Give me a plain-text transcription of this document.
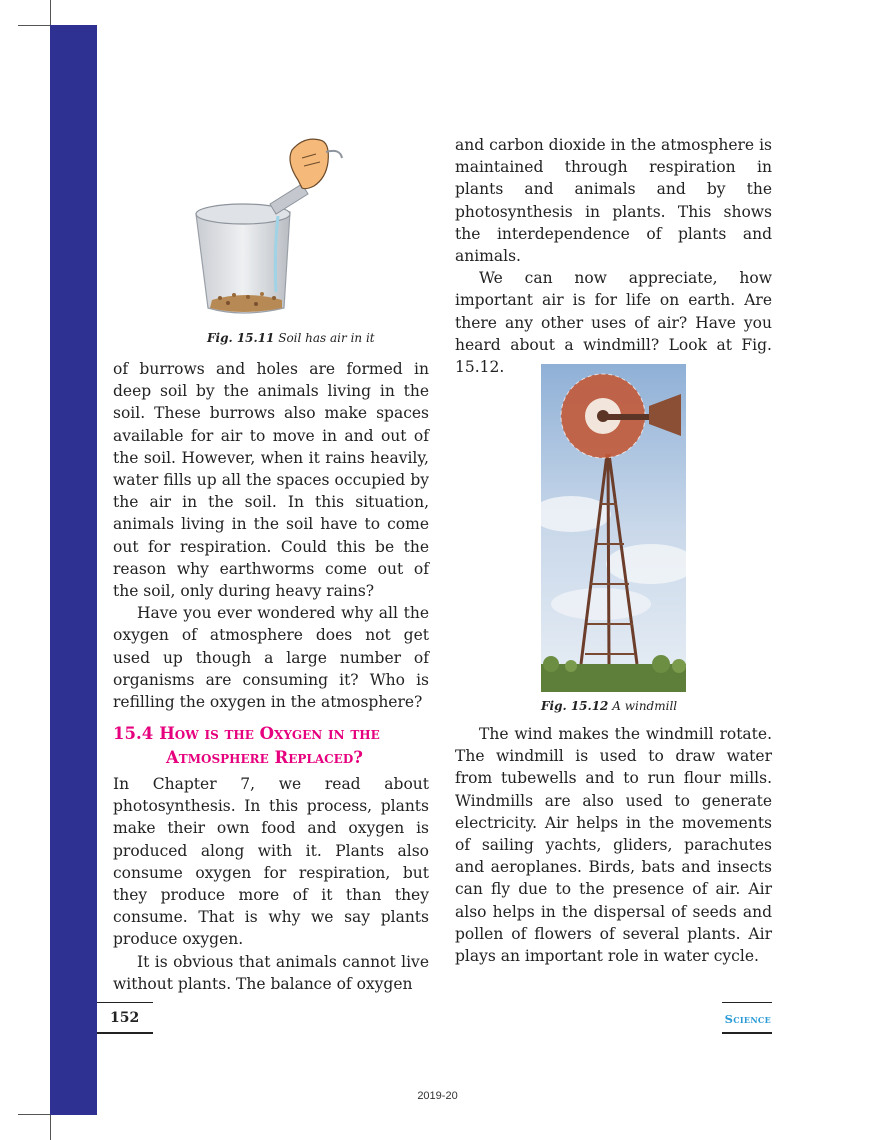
Fig. 15.11 Soil has air in it

of burrows and holes are formed in deep soil by the animals living in the soil. These burrows also make spaces available for air to move in and out of the soil. However, when it rains heavily, water fills up all the spaces occupied by the air in the soil. In this situation, animals living in the soil have to come out for respiration. Could this be the reason why earthworms come out of the soil, only during heavy rains?

Have you ever wondered why all the oxygen of atmosphere does not get used up though a large number of organisms are consuming it? Who is refilling the oxygen in the atmosphere?

15.4 How is the Oxygen in the
Atmosphere Replaced?

In Chapter 7, we read about photosynthesis. In this process, plants make their own food and oxygen is produced along with it. Plants also consume oxygen for respiration, but they produce more of it than they consume. That is why we say plants produce oxygen.

It is obvious that animals cannot live without plants. The balance of oxygen

and carbon dioxide in the atmosphere is maintained through respiration in plants and animals and by the photosynthesis in plants. This shows the interdependence of plants and animals.

We can now appreciate, how important air is for life on earth. Are there any other uses of air? Have you heard about a windmill? Look at Fig. 15.12.

Fig. 15.12 A windmill

The wind makes the windmill rotate. The windmill is used to draw water from tubewells and to run flour mills. Windmills are also used to generate electricity. Air helps in the movements of sailing yachts, gliders, parachutes and aeroplanes. Birds, bats and insects can fly due to the presence of air. Air also helps in the dispersal of seeds and pollen of flowers of several plants. Air plays an important role in water cycle.

152	Science
2019-20
